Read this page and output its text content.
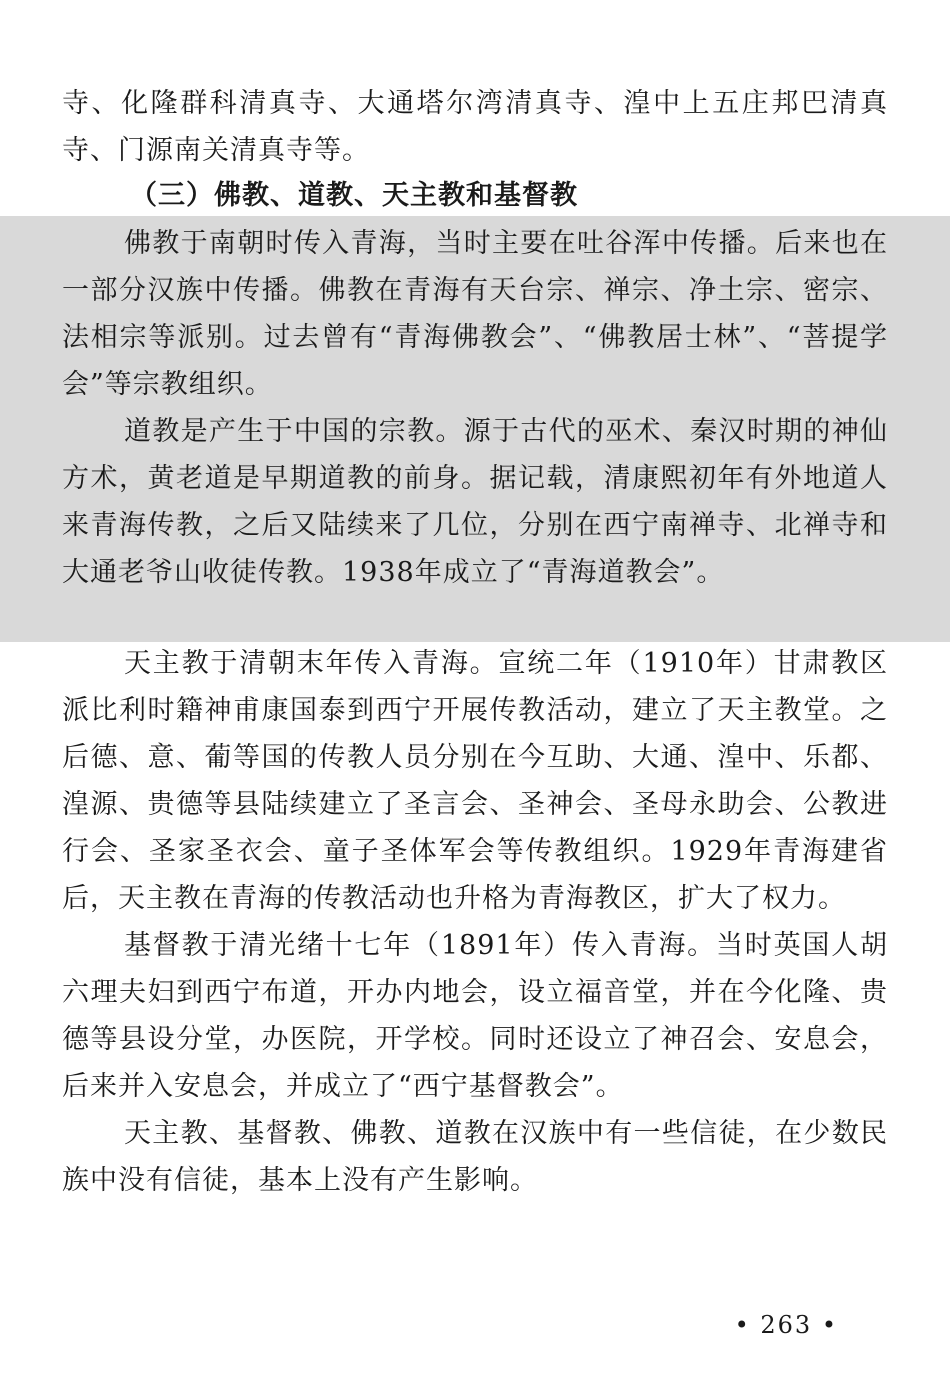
寺、化隆群科清真寺、大通塔尔湾清真寺、湟中上五庄邦巴清真寺、门源南关清真寺等。

（三）佛教、道教、天主教和基督教

佛教于南朝时传入青海，当时主要在吐谷浑中传播。后来也在一部分汉族中传播。佛教在青海有天台宗、禅宗、净土宗、密宗、法相宗等派别。过去曾有“青海佛教会”、“佛教居士林”、“菩提学会”等宗教组织。

道教是产生于中国的宗教。源于古代的巫术、秦汉时期的神仙方术，黄老道是早期道教的前身。据记载，清康熙初年有外地道人来青海传教，之后又陆续来了几位，分别在西宁南禅寺、北禅寺和大通老爷山收徒传教。1938年成立了“青海道教会”。

天主教于清朝末年传入青海。宣统二年（1910年）甘肃教区派比利时籍神甫康国泰到西宁开展传教活动，建立了天主教堂。之后德、意、葡等国的传教人员分别在今互助、大通、湟中、乐都、湟源、贵德等县陆续建立了圣言会、圣神会、圣母永助会、公教进行会、圣家圣衣会、童子圣体军会等传教组织。1929年青海建省后，天主教在青海的传教活动也升格为青海教区，扩大了权力。

基督教于清光绪十七年（1891年）传入青海。当时英国人胡六理夫妇到西宁布道，开办内地会，设立福音堂，并在今化隆、贵德等县设分堂，办医院，开学校。同时还设立了神召会、安息会，后来并入安息会，并成立了“西宁基督教会”。

天主教、基督教、佛教、道教在汉族中有一些信徒，在少数民族中没有信徒，基本上没有产生影响。

• 263 •
